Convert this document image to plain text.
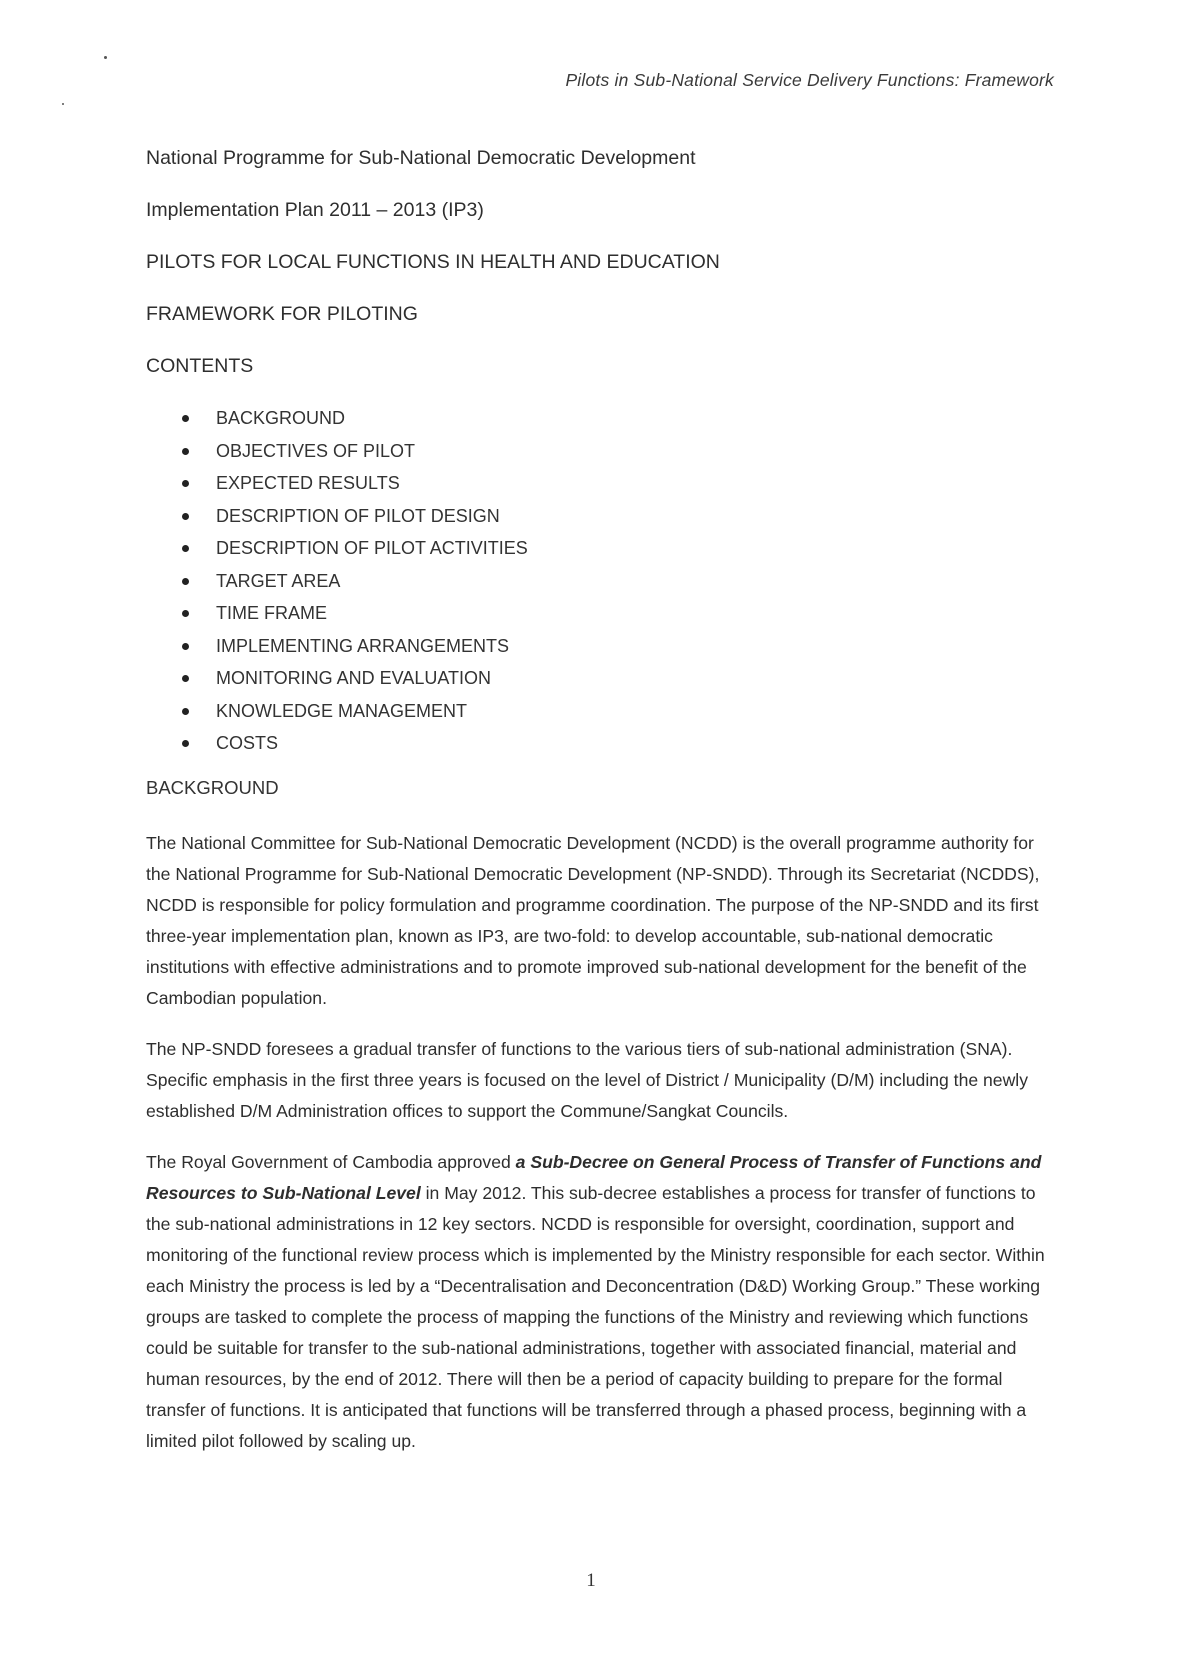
Pilots in Sub-National Service Delivery Functions: Framework

National Programme for Sub-National Democratic Development

Implementation Plan 2011 – 2013 (IP3)

PILOTS FOR LOCAL FUNCTIONS IN HEALTH AND EDUCATION

FRAMEWORK FOR PILOTING

CONTENTS

BACKGROUND
OBJECTIVES OF PILOT
EXPECTED RESULTS
DESCRIPTION OF PILOT DESIGN
DESCRIPTION OF PILOT ACTIVITIES
TARGET AREA
TIME FRAME
IMPLEMENTING ARRANGEMENTS
MONITORING AND EVALUATION
KNOWLEDGE MANAGEMENT
COSTS

BACKGROUND

The National Committee for Sub-National Democratic Development (NCDD) is the overall programme authority for the National Programme for Sub-National Democratic Development (NP-SNDD). Through its Secretariat (NCDDS), NCDD is responsible for policy formulation and programme coordination. The purpose of the NP-SNDD and its first three-year implementation plan, known as IP3, are two-fold: to develop accountable, sub-national democratic institutions with effective administrations and to promote improved sub-national development for the benefit of the Cambodian population.

The NP-SNDD foresees a gradual transfer of functions to the various tiers of sub-national administration (SNA). Specific emphasis in the first three years is focused on the level of District / Municipality (D/M) including the newly established D/M Administration offices to support the Commune/Sangkat Councils.

The Royal Government of Cambodia approved a Sub-Decree on General Process of Transfer of Functions and Resources to Sub-National Level in May 2012. This sub-decree establishes a process for transfer of functions to the sub-national administrations in 12 key sectors. NCDD is responsible for oversight, coordination, support and monitoring of the functional review process which is implemented by the Ministry responsible for each sector. Within each Ministry the process is led by a “Decentralisation and Deconcentration (D&D) Working Group.” These working groups are tasked to complete the process of mapping the functions of the Ministry and reviewing which functions could be suitable for transfer to the sub-national administrations, together with associated financial, material and human resources, by the end of 2012. There will then be a period of capacity building to prepare for the formal transfer of functions. It is anticipated that functions will be transferred through a phased process, beginning with a limited pilot followed by scaling up.

1
